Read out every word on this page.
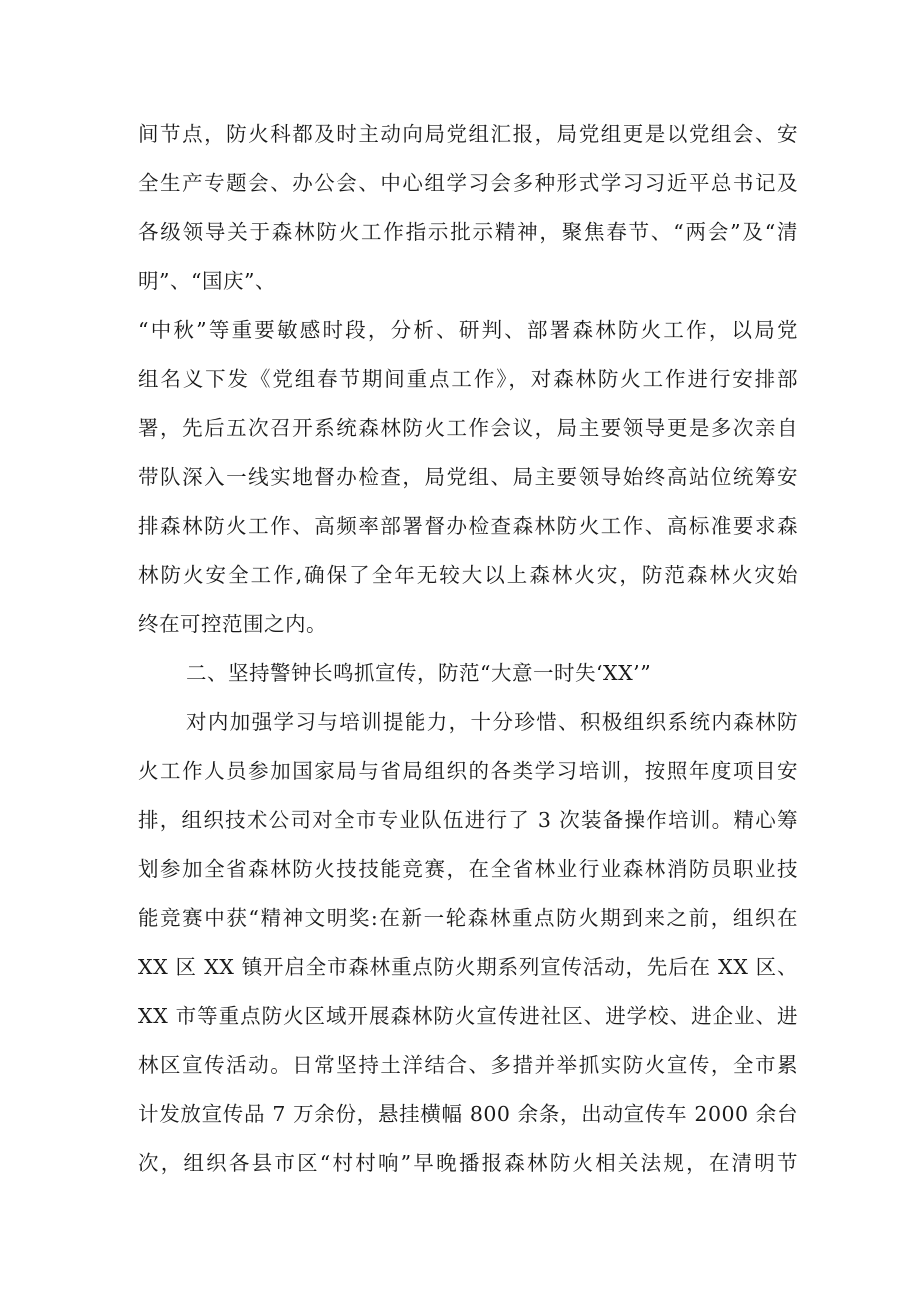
间节点，防火科都及时主动向局党组汇报，局党组更是以党组会、安
全生产专题会、办公会、中心组学习会多种形式学习习近平总书记及
各级领导关于森林防火工作指示批示精神，聚焦春节、“两会”及“清
明”、“国庆”、
“中秋”等重要敏感时段，分析、研判、部署森林防火工作，以局党
组名义下发《党组春节期间重点工作》，对森林防火工作进行安排部
署，先后五次召开系统森林防火工作会议，局主要领导更是多次亲自
带队深入一线实地督办检查，局党组、局主要领导始终高站位统筹安
排森林防火工作、高频率部署督办检查森林防火工作、高标准要求森
林防火安全工作,确保了全年无较大以上森林火灾，防范森林火灾始
终在可控范围之内。
二、坚持警钟长鸣抓宣传，防范“大意一时失‘XX’”
对内加强学习与培训提能力，十分珍惜、积极组织系统内森林防
火工作人员参加国家局与省局组织的各类学习培训，按照年度项目安
排，组织技术公司对全市专业队伍进行了 3 次装备操作培训。精心筹
划参加全省森林防火技技能竞赛，在全省林业行业森林消防员职业技
能竞赛中获“精神文明奖:在新一轮森林重点防火期到来之前，组织在
XX 区 XX 镇开启全市森林重点防火期系列宣传活动，先后在 XX 区、
XX 市等重点防火区域开展森林防火宣传进社区、进学校、进企业、进
林区宣传活动。日常坚持土洋结合、多措并举抓实防火宣传，全市累
计发放宣传品 7 万余份，悬挂横幅 800 余条，出动宣传车 2000 余台
次，组织各县市区“村村响”早晚播报森林防火相关法规，在清明节
